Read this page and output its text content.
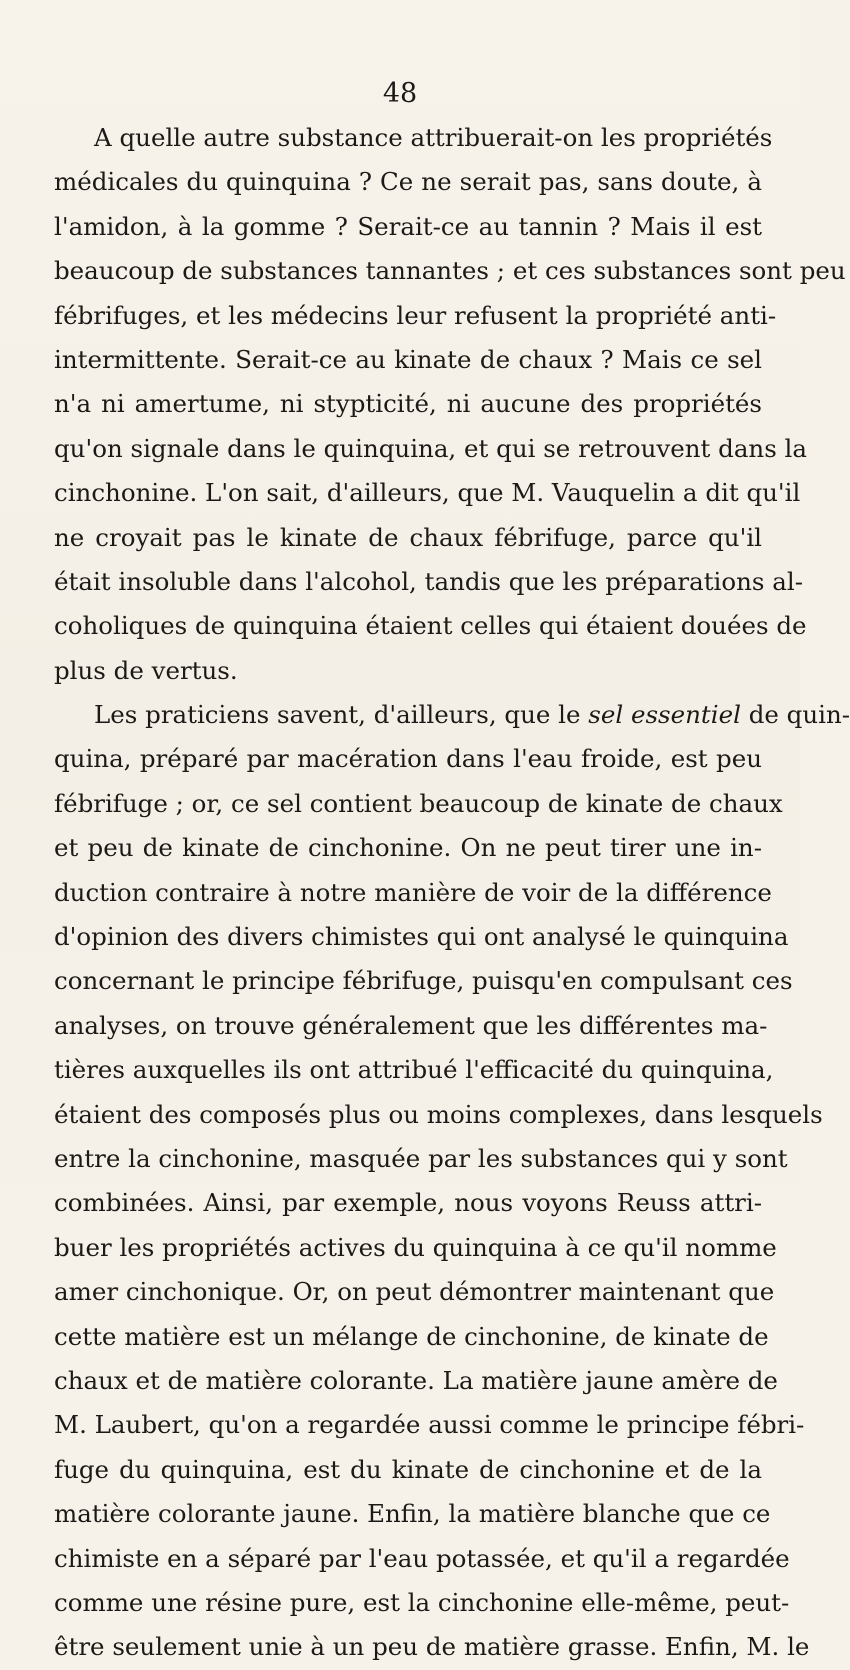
48
A quelle autre substance attribuerait-on les propriétés
médicales du quinquina ? Ce ne serait pas, sans doute, à
l'amidon, à la gomme ? Serait-ce au tannin ? Mais il est
beaucoup de substances tannantes ; et ces substances sont peu
fébrifuges, et les médecins leur refusent la propriété anti-
intermittente. Serait-ce au kinate de chaux ? Mais ce sel
n'a ni amertume, ni stypticité, ni aucune des propriétés
qu'on signale dans le quinquina, et qui se retrouvent dans la
cinchonine. L'on sait, d'ailleurs, que M. Vauquelin a dit qu'il
ne croyait pas le kinate de chaux fébrifuge, parce qu'il
était insoluble dans l'alcohol, tandis que les préparations al-
coholiques de quinquina étaient celles qui étaient douées de
plus de vertus.
Les praticiens savent, d'ailleurs, que le sel essentiel de quin-
quina, préparé par macération dans l'eau froide, est peu
fébrifuge ; or, ce sel contient beaucoup de kinate de chaux
et peu de kinate de cinchonine. On ne peut tirer une in-
duction contraire à notre manière de voir de la différence
d'opinion des divers chimistes qui ont analysé le quinquina
concernant le principe fébrifuge, puisqu'en compulsant ces
analyses, on trouve généralement que les différentes ma-
tières auxquelles ils ont attribué l'efficacité du quinquina,
étaient des composés plus ou moins complexes, dans lesquels
entre la cinchonine, masquée par les substances qui y sont
combinées. Ainsi, par exemple, nous voyons Reuss attri-
buer les propriétés actives du quinquina à ce qu'il nomme
amer cinchonique. Or, on peut démontrer maintenant que
cette matière est un mélange de cinchonine, de kinate de
chaux et de matière colorante. La matière jaune amère de
M. Laubert, qu'on a regardée aussi comme le principe fébri-
fuge du quinquina, est du kinate de cinchonine et de la
matière colorante jaune. Enfin, la matière blanche que ce
chimiste en a séparé par l'eau potassée, et qu'il a regardée
comme une résine pure, est la cinchonine elle-même, peut-
être seulement unie à un peu de matière grasse. Enfin, M. le
